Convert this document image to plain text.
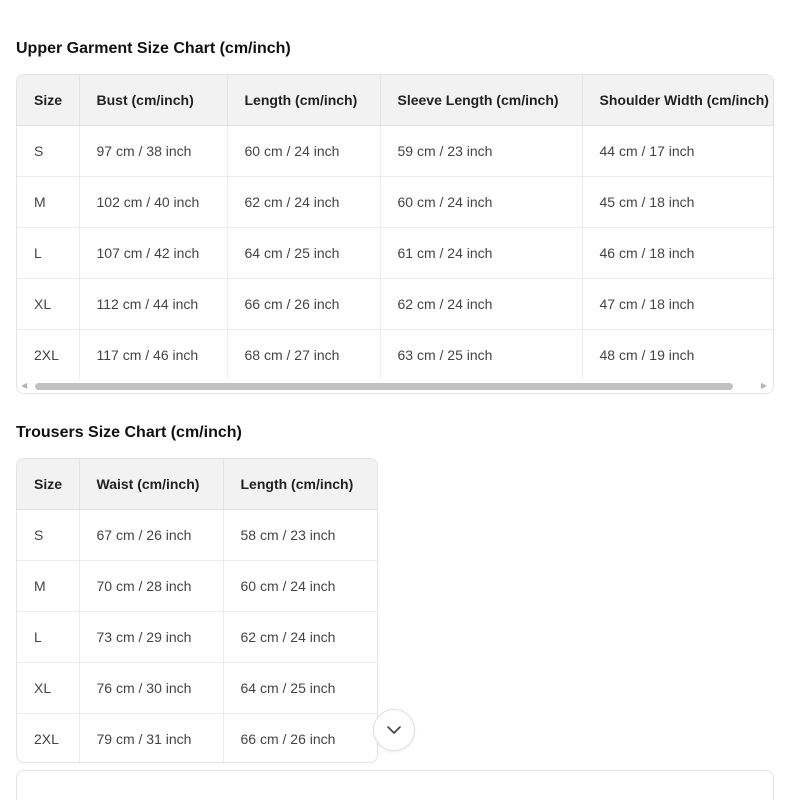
Upper Garment Size Chart (cm/inch)
Size	Bust (cm/inch)	Length (cm/inch)	Sleeve Length (cm/inch)	Shoulder Width (cm/inch)
S	97 cm / 38 inch	60 cm / 24 inch	59 cm / 23 inch	44 cm / 17 inch
M	102 cm / 40 inch	62 cm / 24 inch	60 cm / 24 inch	45 cm / 18 inch
L	107 cm / 42 inch	64 cm / 25 inch	61 cm / 24 inch	46 cm / 18 inch
XL	112 cm / 44 inch	66 cm / 26 inch	62 cm / 24 inch	47 cm / 18 inch
2XL	117 cm / 46 inch	68 cm / 27 inch	63 cm / 25 inch	48 cm / 19 inch
◀	▶
Trousers Size Chart (cm/inch)
Size	Waist (cm/inch)	Length (cm/inch)
S	67 cm / 26 inch	58 cm / 23 inch
M	70 cm / 28 inch	60 cm / 24 inch
L	73 cm / 29 inch	62 cm / 24 inch
XL	76 cm / 30 inch	64 cm / 25 inch
2XL	79 cm / 31 inch	66 cm / 26 inch
